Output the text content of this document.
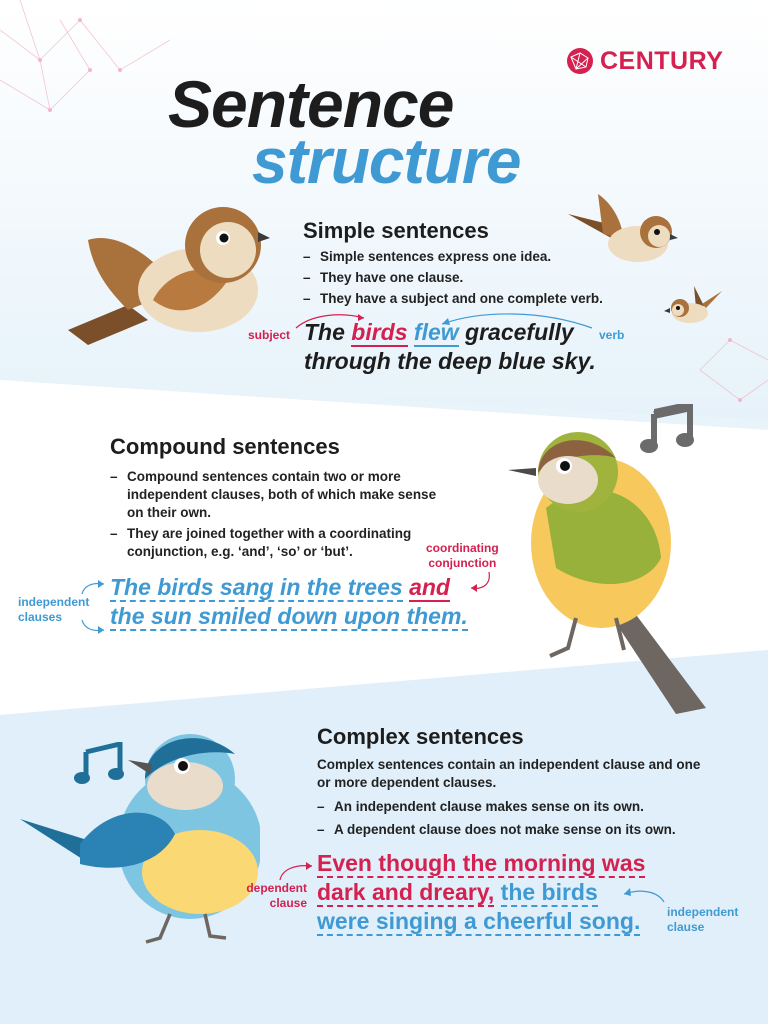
CENTURY
Sentence
structure
Simple sentences
– Simple sentences express one idea.
– They have one clause.
– They have a subject and one complete verb.
subject	verb
The birds flew gracefully through the deep blue sky.
Compound sentences
– Compound sentences contain two or more independent clauses, both of which make sense on their own.
– They are joined together with a coordinating conjunction, e.g. ‘and’, ‘so’ or ‘but’.	coordinating
conjunction
independent
clauses
The birds sang in the trees and
the sun smiled down upon them.
Complex sentences

Complex sentences contain an independent clause and one or more dependent clauses.

– An independent clause makes sense on its own.
– A dependent clause does not make sense on its own.
dependent
clause
independent
clause
Even though the morning was
dark and dreary, the birds
were singing a cheerful song.
